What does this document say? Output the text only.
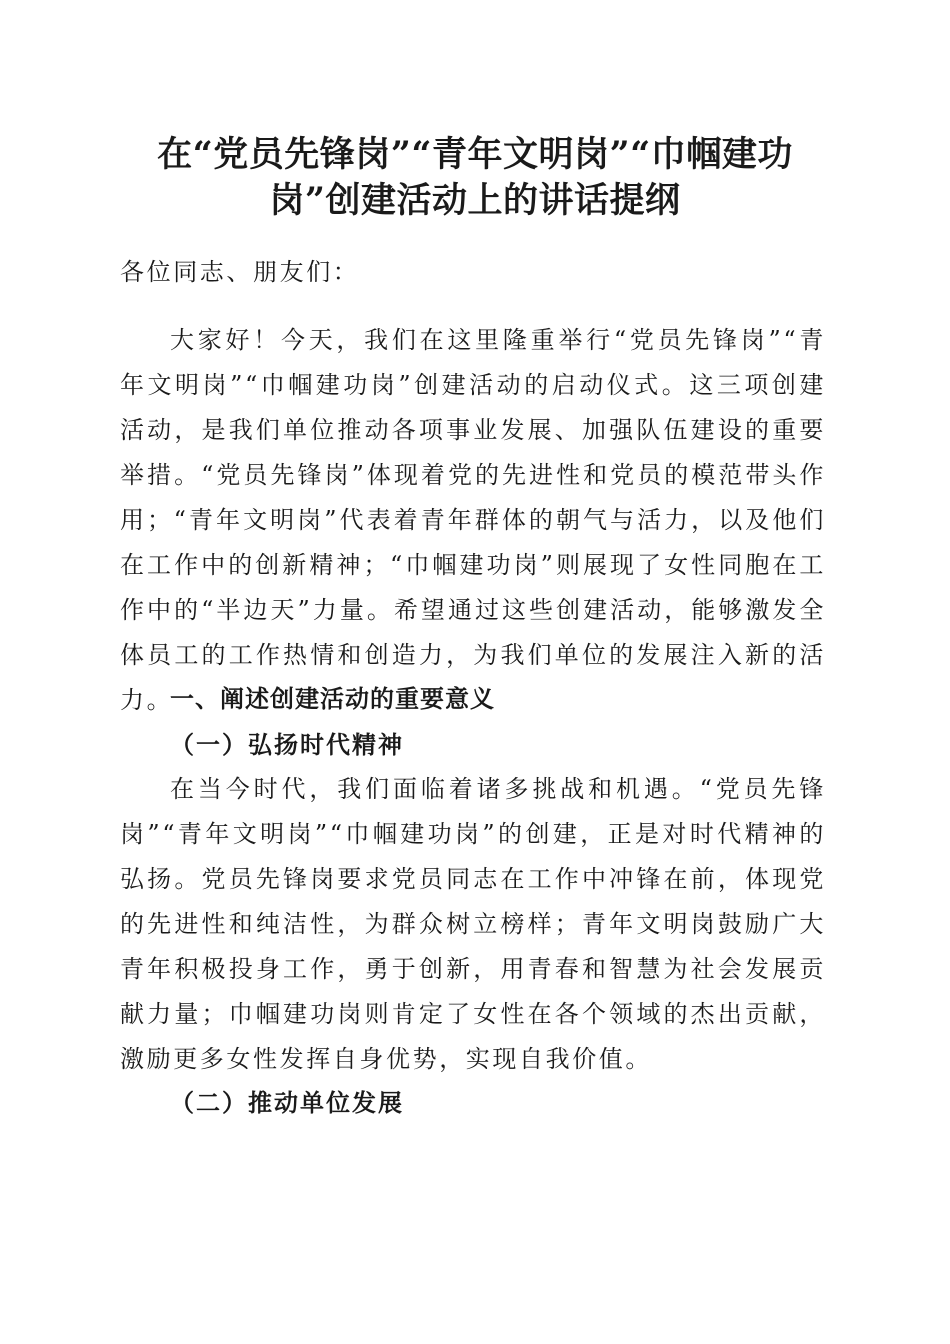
在“党员先锋岗”“青年文明岗”“巾帼建功
岗”创建活动上的讲话提纲

各位同志、朋友们：

大家好！今天，我们在这里隆重举行“党员先锋岗”“青年文明岗”“巾帼建功岗”创建活动的启动仪式。这三项创建活动，是我们单位推动各项事业发展、加强队伍建设的重要举措。“党员先锋岗”体现着党的先进性和党员的模范带头作用；“青年文明岗”代表着青年群体的朝气与活力，以及他们在工作中的创新精神；“巾帼建功岗”则展现了女性同胞在工作中的“半边天”力量。希望通过这些创建活动，能够激发全体员工的工作热情和创造力，为我们单位的发展注入新的活力。

一、阐述创建活动的重要意义
（一）弘扬时代精神

在当今时代，我们面临着诸多挑战和机遇。“党员先锋岗”“青年文明岗”“巾帼建功岗”的创建，正是对时代精神的弘扬。党员先锋岗要求党员同志在工作中冲锋在前，体现党的先进性和纯洁性，为群众树立榜样；青年文明岗鼓励广大青年积极投身工作，勇于创新，用青春和智慧为社会发展贡献力量；巾帼建功岗则肯定了女性在各个领域的杰出贡献，激励更多女性发挥自身优势，实现自我价值。

（二）推动单位发展
